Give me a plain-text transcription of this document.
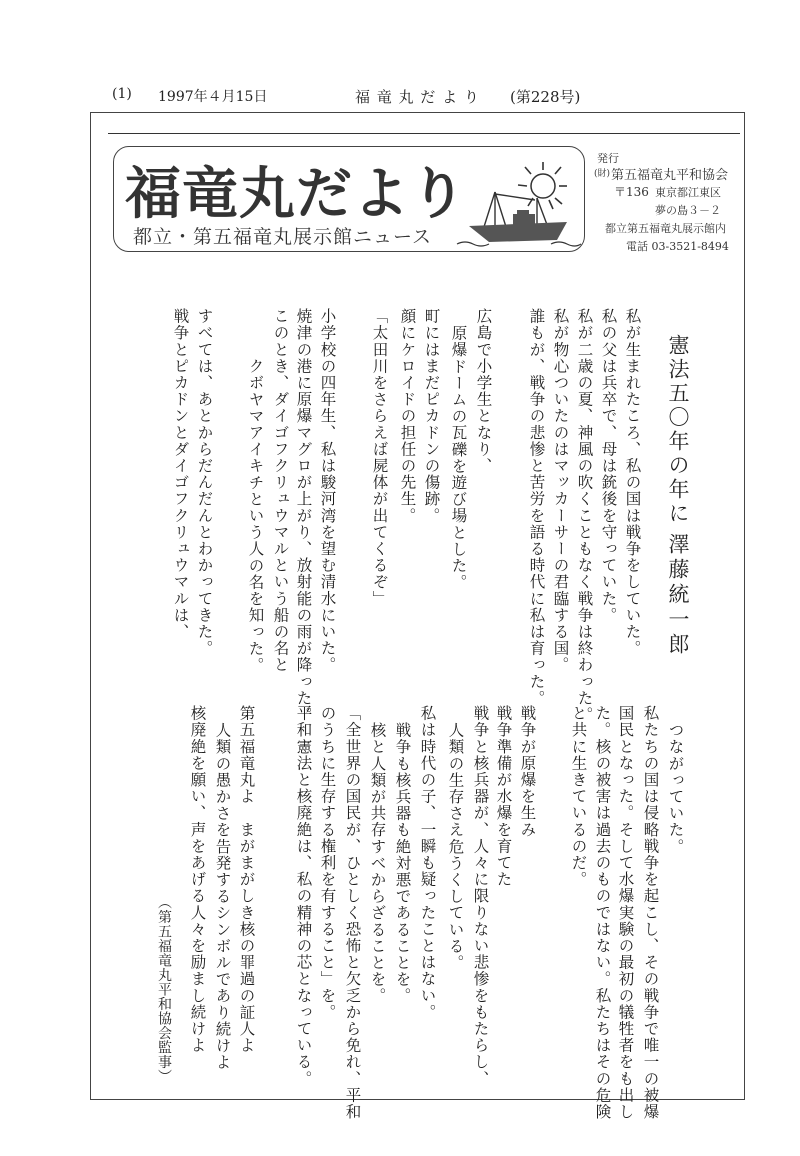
(1) 1997年４月15日	福 竜 丸 だ よ り (第228号)
福竜丸だより
都立・第五福竜丸展示館ニュース
発行
(財) 第五福竜丸平和協会
〒136 東京都江東区
夢の島３－２
都立第五福竜丸展示館内
電話 03-3521-8494
憲法五〇年の年に
澤藤統一郎
私が生まれたころ、私の国は戦争をしていた。
私の父は兵卒で、母は銃後を守っていた。
私が二歳の夏、神風の吹くこともなく戦争は終わった。
私が物心ついたのはマッカーサーの君臨する国。
誰もが、戦争の悲惨と苦労を語る時代に私は育った。
広島で小学生となり、
原爆ドームの瓦礫を遊び場とした。
町にはまだピカドンの傷跡。
顔にケロイドの担任の先生。
「太田川をさらえば屍体が出てくるぞ」
小学校の四年生、私は駿河湾を望む清水にいた。
焼津の港に原爆マグロが上がり、放射能の雨が降った。
このとき、ダイゴフクリュウマルという船の名と
クボヤマアイキチという人の名を知った。
すべては、あとからだんだんとわかってきた。
戦争とピカドンとダイゴフクリュウマルは、
つながっていた。
私たちの国は侵略戦争を起こし、その戦争で唯一の被爆
国民となった。そして水爆実験の最初の犠牲者をも出し
た。核の被害は過去のものではない。私たちはその危険
と共に生きているのだ。
戦争が原爆を生み
戦争準備が水爆を育てた
戦争と核兵器が、人々に限りない悲惨をもたらし、
人類の生存さえ危うくしている。
私は時代の子、一瞬も疑ったことはない。
戦争も核兵器も絶対悪であることを。
核と人類が共存すべからざることを。
「全世界の国民が、ひとしく恐怖と欠乏から免れ、平和
のうちに生存する権利を有すること」を。
平和憲法と核廃絶は、私の精神の芯となっている。
第五福竜丸よ　まがまがしき核の罪過の証人よ
人類の愚かさを告発するシンボルであり続けよ
核廃絶を願い、声をあげる人々を励まし続けよ
（第五福竜丸平和協会監事）
